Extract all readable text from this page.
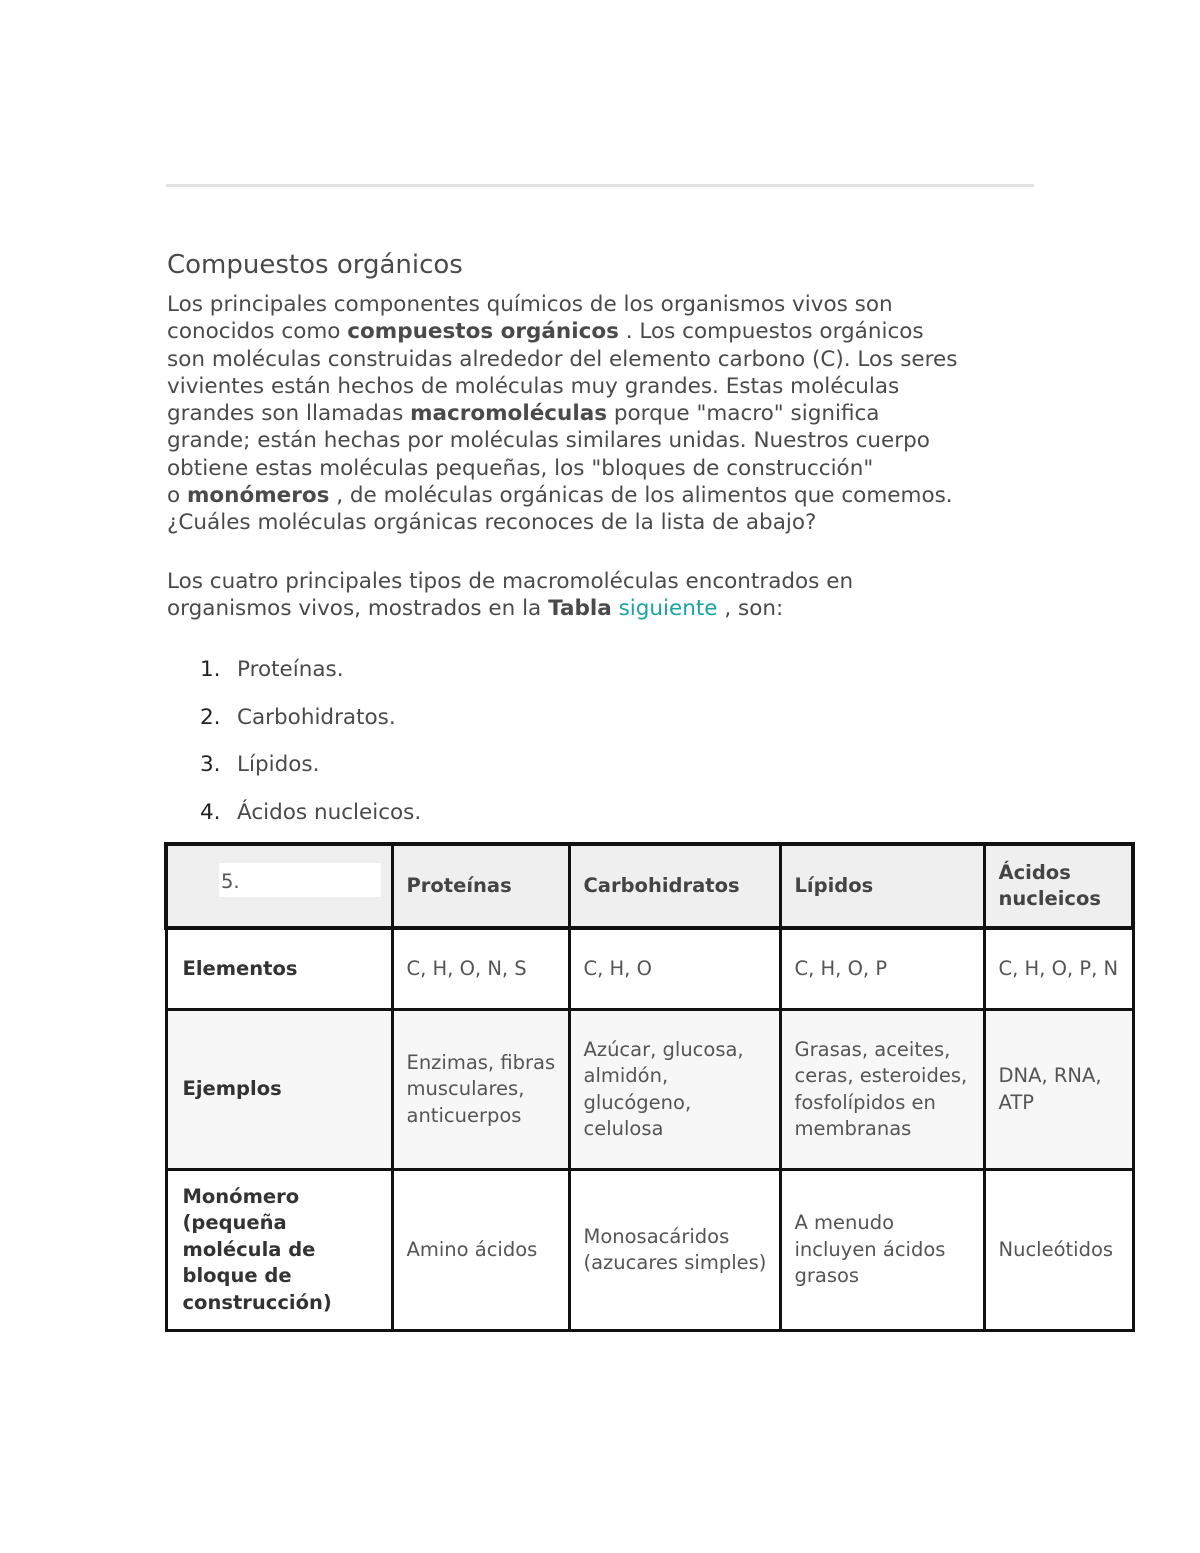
Compuestos orgánicos

Los principales componentes químicos de los organismos vivos son
conocidos como compuestos orgánicos . Los compuestos orgánicos
son moléculas construidas alrededor del elemento carbono (C). Los seres
vivientes están hechos de moléculas muy grandes. Estas moléculas
grandes son llamadas macromoléculas porque "macro" significa
grande; están hechas por moléculas similares unidas. Nuestros cuerpo
obtiene estas moléculas pequeñas, los "bloques de construcción"
o monómeros , de moléculas orgánicas de los alimentos que comemos.
¿Cuáles moléculas orgánicas reconoces de la lista de abajo?

Los cuatro principales tipos de macromoléculas encontrados en
organismos vivos, mostrados en la Tabla siguiente , son:

1. Proteínas.
2. Carbohidratos.
3. Lípidos.
4. Ácidos nucleicos.
5.	Proteínas	Carbohidratos	Lípidos	Ácidos nucleicos
Elementos	C, H, O, N, S	C, H, O	C, H, O, P	C, H, O, P, N
Ejemplos	Enzimas, fibras musculares, anticuerpos	Azúcar, glucosa, almidón, glucógeno, celulosa	Grasas, aceites, ceras, esteroides, fosfolípidos en membranas	DNA, RNA, ATP
Monómero (pequeña molécula de bloque de construcción)	Amino ácidos	Monosacáridos (azucares simples)	A menudo incluyen ácidos grasos	Nucleótidos
